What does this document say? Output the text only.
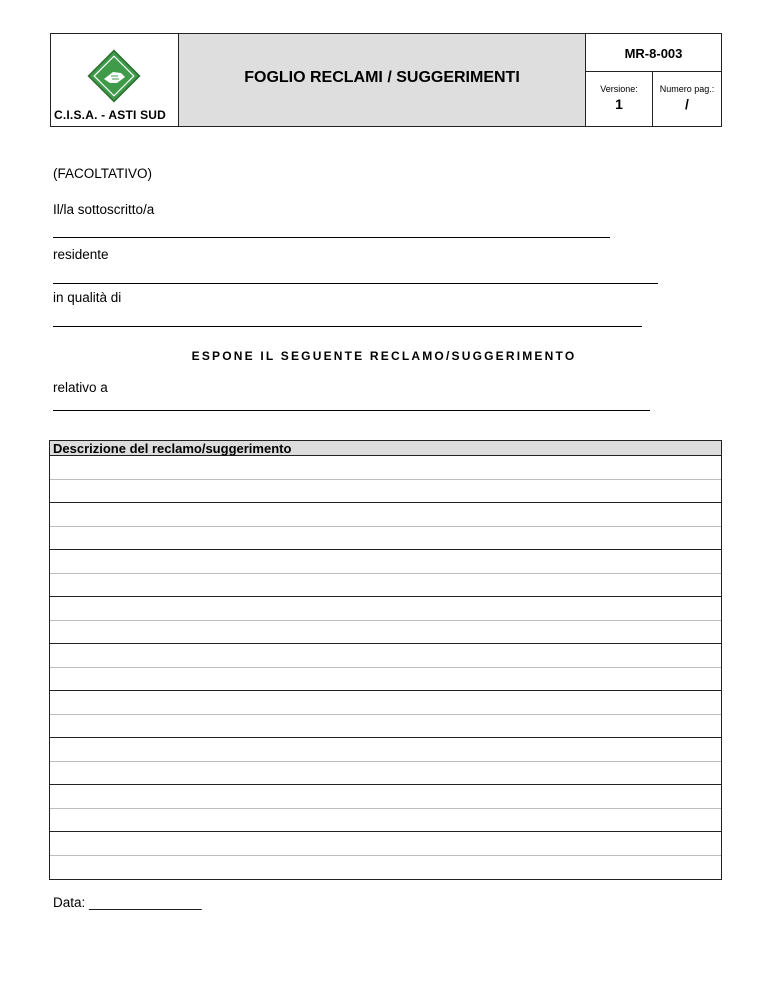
C.I.S.A. - ASTI SUD
FOGLIO RECLAMI / SUGGERIMENTI
MR-8-003
Versione:
1
Numero pag.:
/
(FACOLTATIVO)
Il/la sottoscritto/a
residente
in qualità di
ESPONE IL SEGUENTE RECLAMO/SUGGERIMENTO
relativo a
Descrizione del reclamo/suggerimento
Data: _______________
